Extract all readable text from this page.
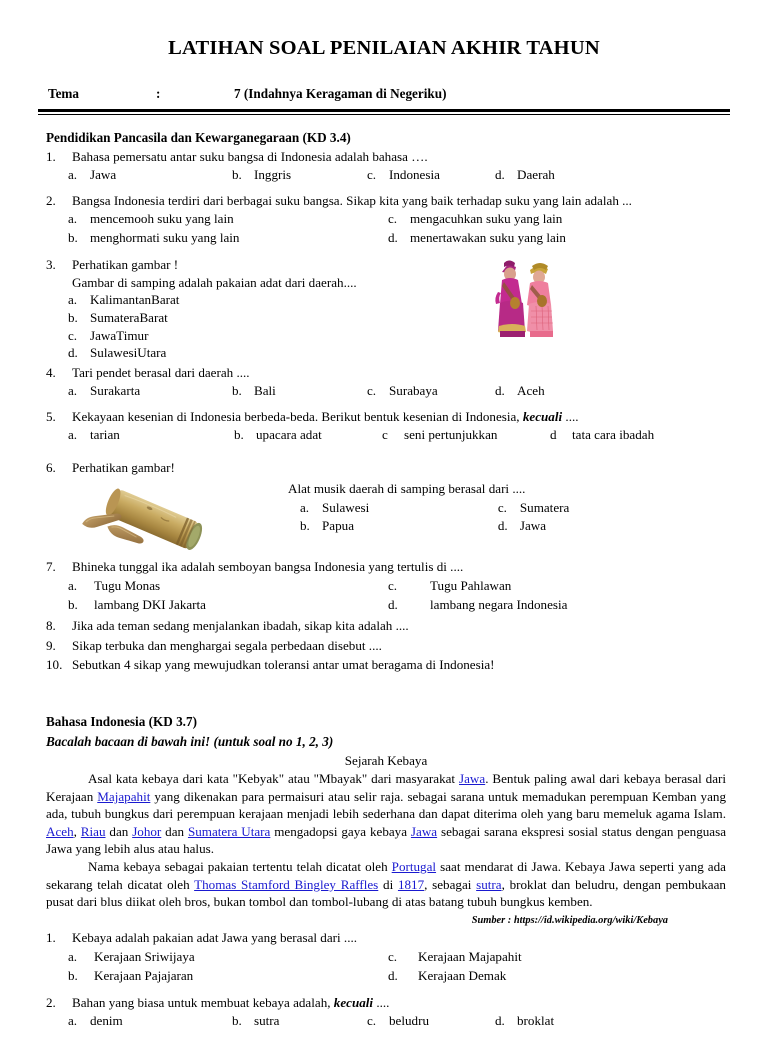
LATIHAN SOAL PENILAIAN AKHIR TAHUN
Tema	:	7 (Indahnya Keragaman di Negeriku)
Pendidikan Pancasila dan Kewarganegaraan (KD 3.4)
1.	Bahasa pemersatu antar suku bangsa di Indonesia adalah bahasa ….
a. Jawa	b. Inggris	c. Indonesia	d. Daerah
2.	Bangsa Indonesia terdiri dari berbagai suku bangsa. Sikap kita yang baik terhadap suku yang lain adalah ...
a. mencemooh suku yang lain	c. mengacuhkan suku yang lain
b. menghormati suku yang lain	d. menertawakan suku yang lain
3.	Perhatikan gambar !
Gambar di samping adalah pakaian adat dari daerah....
a. KalimantanBarat
b. SumateraBarat
c. JawaTimur
d. SulawesiUtara
4.	Tari pendet berasal dari daerah ....
a. Surakarta	b. Bali	c. Surabaya	d. Aceh
5.	Kekayaan kesenian di Indonesia berbeda-beda. Berikut bentuk kesenian di Indonesia, kecuali ....
a. tarian	b. upacara adat	c	seni pertunjukkan	d	tata cara ibadah
6.	Perhatikan gambar!
Alat musik daerah di samping berasal dari ....
a. Sulawesi	c. Sumatera
b. Papua	d. Jawa
7.	Bhineka tunggal ika adalah semboyan bangsa Indonesia yang tertulis di ....
a.	Tugu Monas	c.	Tugu Pahlawan
b.	lambang DKI Jakarta	d.	lambang negara Indonesia
8.	Jika ada teman sedang menjalankan ibadah, sikap kita adalah ....
9.	Sikap terbuka dan menghargai segala perbedaan disebut ....
10. Sebutkan 4 sikap yang mewujudkan toleransi antar umat beragama di Indonesia!
Bahasa Indonesia (KD 3.7)
Bacalah bacaan di bawah ini! (untuk soal no 1, 2, 3)
Sejarah Kebaya
Asal kata kebaya dari kata "Kebyak" atau "Mbayak" dari masyarakat Jawa. Bentuk paling awal dari kebaya berasal dari Kerajaan Majapahit yang dikenakan para permaisuri atau selir raja. sebagai sarana untuk memadukan perempuan Kemban yang ada, tubuh bungkus dari perempuan kerajaan menjadi lebih sederhana dan dapat diterima oleh yang baru memeluk agama Islam. Aceh, Riau dan Johor dan Sumatera Utara mengadopsi gaya kebaya Jawa sebagai sarana ekspresi sosial status dengan penguasa Jawa yang lebih alus atau halus.
Nama kebaya sebagai pakaian tertentu telah dicatat oleh Portugal saat mendarat di Jawa. Kebaya Jawa seperti yang ada sekarang telah dicatat oleh Thomas Stamford Bingley Raffles di 1817, sebagai sutra, broklat dan beludru, dengan pembukaan pusat dari blus diikat oleh bros, bukan tombol dan tombol-lubang di atas batang tubuh bungkus kemben.
Sumber : https://id.wikipedia.org/wiki/Kebaya
1.	Kebaya adalah pakaian adat Jawa yang berasal dari ....
a.	Kerajaan Sriwijaya	c.	Kerajaan Majapahit
b.	Kerajaan Pajajaran	d.	Kerajaan Demak
2.	Bahan yang biasa untuk membuat kebaya adalah, kecuali ....
a. denim	b. sutra	c. beludru	d. broklat
